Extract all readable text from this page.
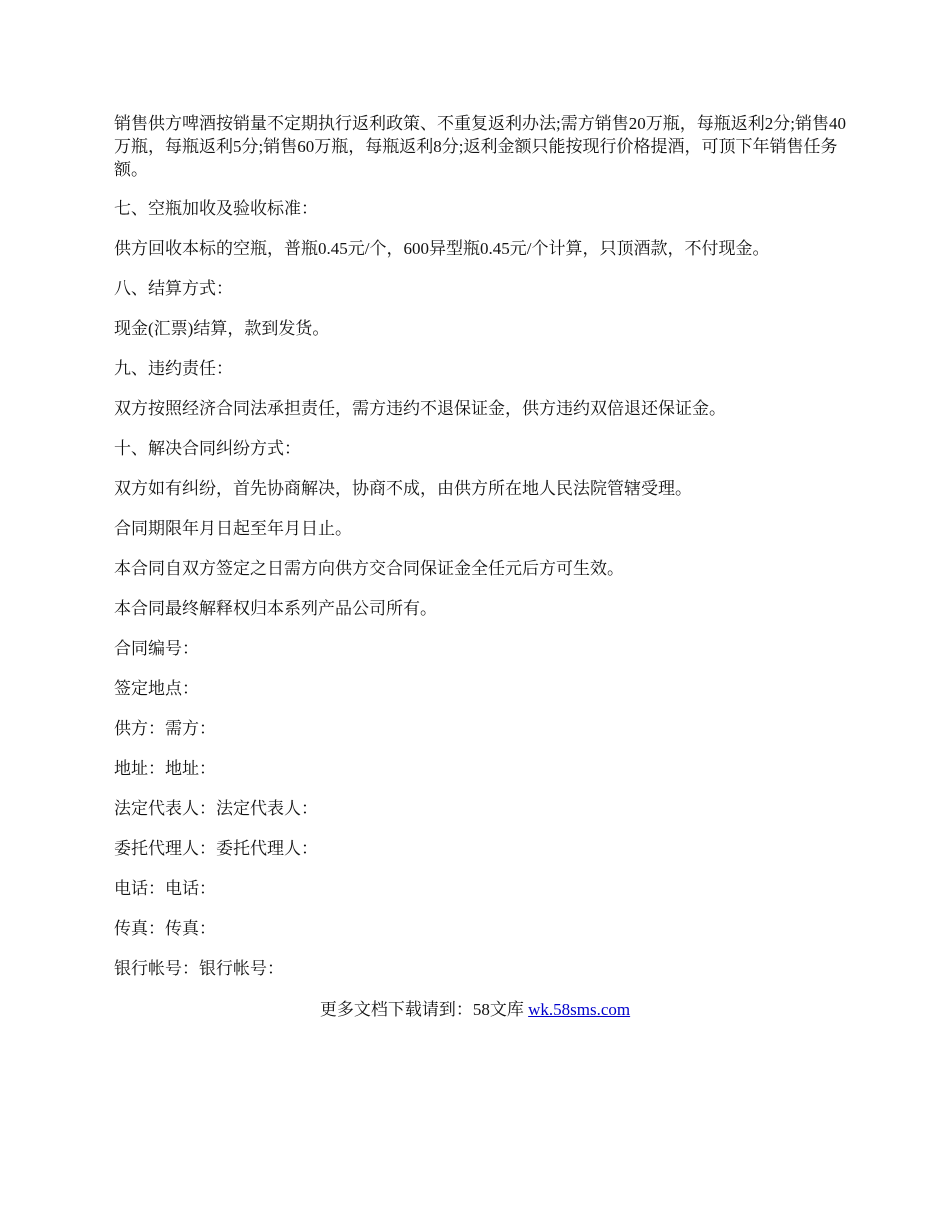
销售供方啤酒按销量不定期执行返利政策、不重复返利办法;需方销售20万瓶，每瓶返利2分;销售40万瓶，每瓶返利5分;销售60万瓶，每瓶返利8分;返利金额只能按现行价格提酒，可顶下年销售任务额。

七、空瓶加收及验收标准：

供方回收本标的空瓶，普瓶0.45元/个，600异型瓶0.45元/个计算，只顶酒款，不付现金。

八、结算方式：

现金(汇票)结算，款到发货。

九、违约责任：

双方按照经济合同法承担责任，需方违约不退保证金，供方违约双倍退还保证金。

十、解决合同纠纷方式：

双方如有纠纷，首先协商解决，协商不成，由供方所在地人民法院管辖受理。

合同期限年月日起至年月日止。

本合同自双方签定之日需方向供方交合同保证金全任元后方可生效。

本合同最终解释权归本系列产品公司所有。

合同编号：

签定地点：

供方：需方：

地址：地址：

法定代表人：法定代表人：

委托代理人：委托代理人：

电话：电话：

传真：传真：

银行帐号：银行帐号：

更多文档下载请到：58文库 wk.58sms.com
